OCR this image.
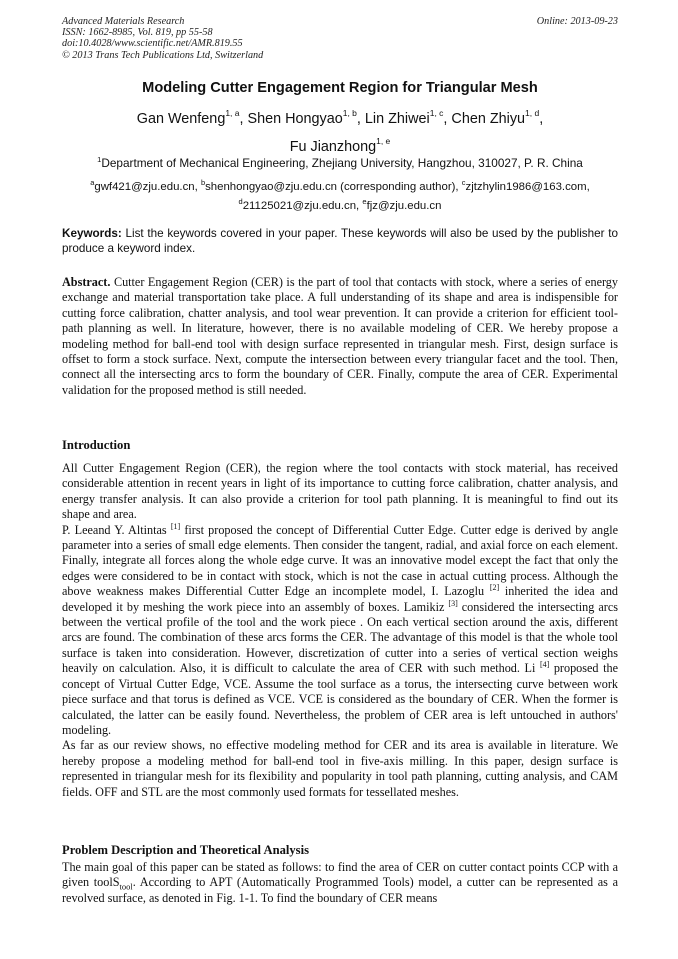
Advanced Materials Research
ISSN: 1662-8985, Vol. 819, pp 55-58
doi:10.4028/www.scientific.net/AMR.819.55
© 2013 Trans Tech Publications Ltd, Switzerland
Online: 2013-09-23
Modeling Cutter Engagement Region for Triangular Mesh
Gan Wenfeng$^{1, a}$, Shen Hongyao$^{1, b}$, Lin Zhiwei$^{1, c}$, Chen Zhiyu$^{1, d}$,
Fu Jianzhong$^{1, e}$
$^1$Department of Mechanical Engineering, Zhejiang University, Hangzhou, 310027, P. R. China
$^a$gwf421@zju.edu.cn, $^b$shenhongyao@zju.edu.cn (corresponding author), $^c$zjtzhylin1986@163.com,
$^d$21125021@zju.edu.cn, $^e$fjz@zju.edu.cn
Keywords: List the keywords covered in your paper. These keywords will also be used by the publisher to produce a keyword index.
Abstract. Cutter Engagement Region (CER) is the part of tool that contacts with stock, where a series of energy exchange and material transportation take place. A full understanding of its shape and area is indispensible for cutting force calibration, chatter analysis, and tool wear prevention. It can provide a criterion for efficient tool-path planning as well. In literature, however, there is no available modeling of CER. We hereby propose a modeling method for ball-end tool with design surface represented in triangular mesh. First, design surface is offset to form a stock surface. Next, compute the intersection between every triangular facet and the tool. Then, connect all the intersecting arcs to form the boundary of CER. Finally, compute the area of CER. Experimental validation for the proposed method is still needed.
Introduction

All Cutter Engagement Region (CER), the region where the tool contacts with stock material, has received considerable attention in recent years in light of its importance to cutting force calibration, chatter analysis, and energy transfer analysis. It can also provide a criterion for tool path planning. It is meaningful to find out its shape and area.

P. Leeand Y. Altintas [1] first proposed the concept of Differential Cutter Edge. Cutter edge is derived by angle parameter into a series of small edge elements. Then consider the tangent, radial, and axial force on each element. Finally, integrate all forces along the whole edge curve. It was an innovative model except the fact that only the edges were considered to be in contact with stock, which is not the case in actual cutting process. Although the above weakness makes Differential Cutter Edge an incomplete model, I. Lazoglu [2] inherited the idea and developed it by meshing the work piece into an assembly of boxes. Lamikiz [3] considered the intersecting arcs between the vertical profile of the tool and the work piece . On each vertical section around the axis, different arcs are found. The combination of these arcs forms the CER. The advantage of this model is that the whole tool surface is taken into consideration. However, discretization of cutter into a series of vertical section weighs heavily on calculation. Also, it is difficult to calculate the area of CER with such method. Li [4] proposed the concept of Virtual Cutter Edge, VCE. Assume the tool surface as a torus, the intersecting curve between work piece surface and that torus is defined as VCE. VCE is considered as the boundary of CER. When the former is calculated, the latter can be easily found. Nevertheless, the problem of CER area is left untouched in authors' modeling.

As far as our review shows, no effective modeling method for CER and its area is available in literature. We hereby propose a modeling method for ball-end tool in five-axis milling. In this paper, design surface is represented in triangular mesh for its flexibility and popularity in tool path planning, cutting analysis, and CAM fields. OFF and STL are the most commonly used formats for tessellated meshes.

Problem Description and Theoretical Analysis

The main goal of this paper can be stated as follows: to find the area of CER on cutter contact points CCP with a given toolS$_{tool}$. According to APT (Automatically Programmed Tools) model, a cutter can be represented as a revolved surface, as denoted in Fig. 1-1. To find the boundary of CER means
